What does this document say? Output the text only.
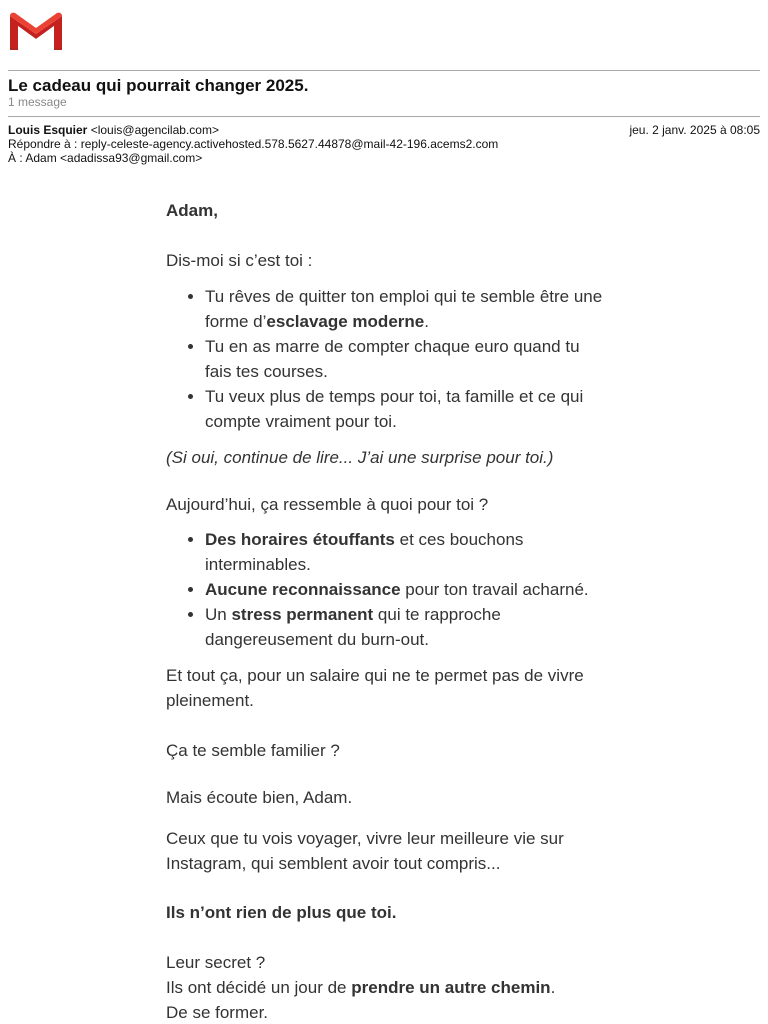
Le cadeau qui pourrait changer 2025.
1 message
Louis Esquier <louis@agencilab.com>	jeu. 2 janv. 2025 à 08:05
Répondre à : reply-celeste-agency.activehosted.578.5627.44878@mail-42-196.acems2.com
À : Adam <adadissa93@gmail.com>

Adam,

Dis-moi si c’est toi :

• Tu rêves de quitter ton emploi qui te semble être une forme d’esclavage moderne.
• Tu en as marre de compter chaque euro quand tu fais tes courses.
• Tu veux plus de temps pour toi, ta famille et ce qui compte vraiment pour toi.

(Si oui, continue de lire... J’ai une surprise pour toi.)

Aujourd’hui, ça ressemble à quoi pour toi ?

• Des horaires étouffants et ces bouchons interminables.
• Aucune reconnaissance pour ton travail acharné.
• Un stress permanent qui te rapproche dangereusement du burn-out.

Et tout ça, pour un salaire qui ne te permet pas de vivre pleinement.

Ça te semble familier ?

Mais écoute bien, Adam.

Ceux que tu vois voyager, vivre leur meilleure vie sur Instagram, qui semblent avoir tout compris...

Ils n’ont rien de plus que toi.

Leur secret ?

Ils ont décidé un jour de prendre un autre chemin.

De se former.
